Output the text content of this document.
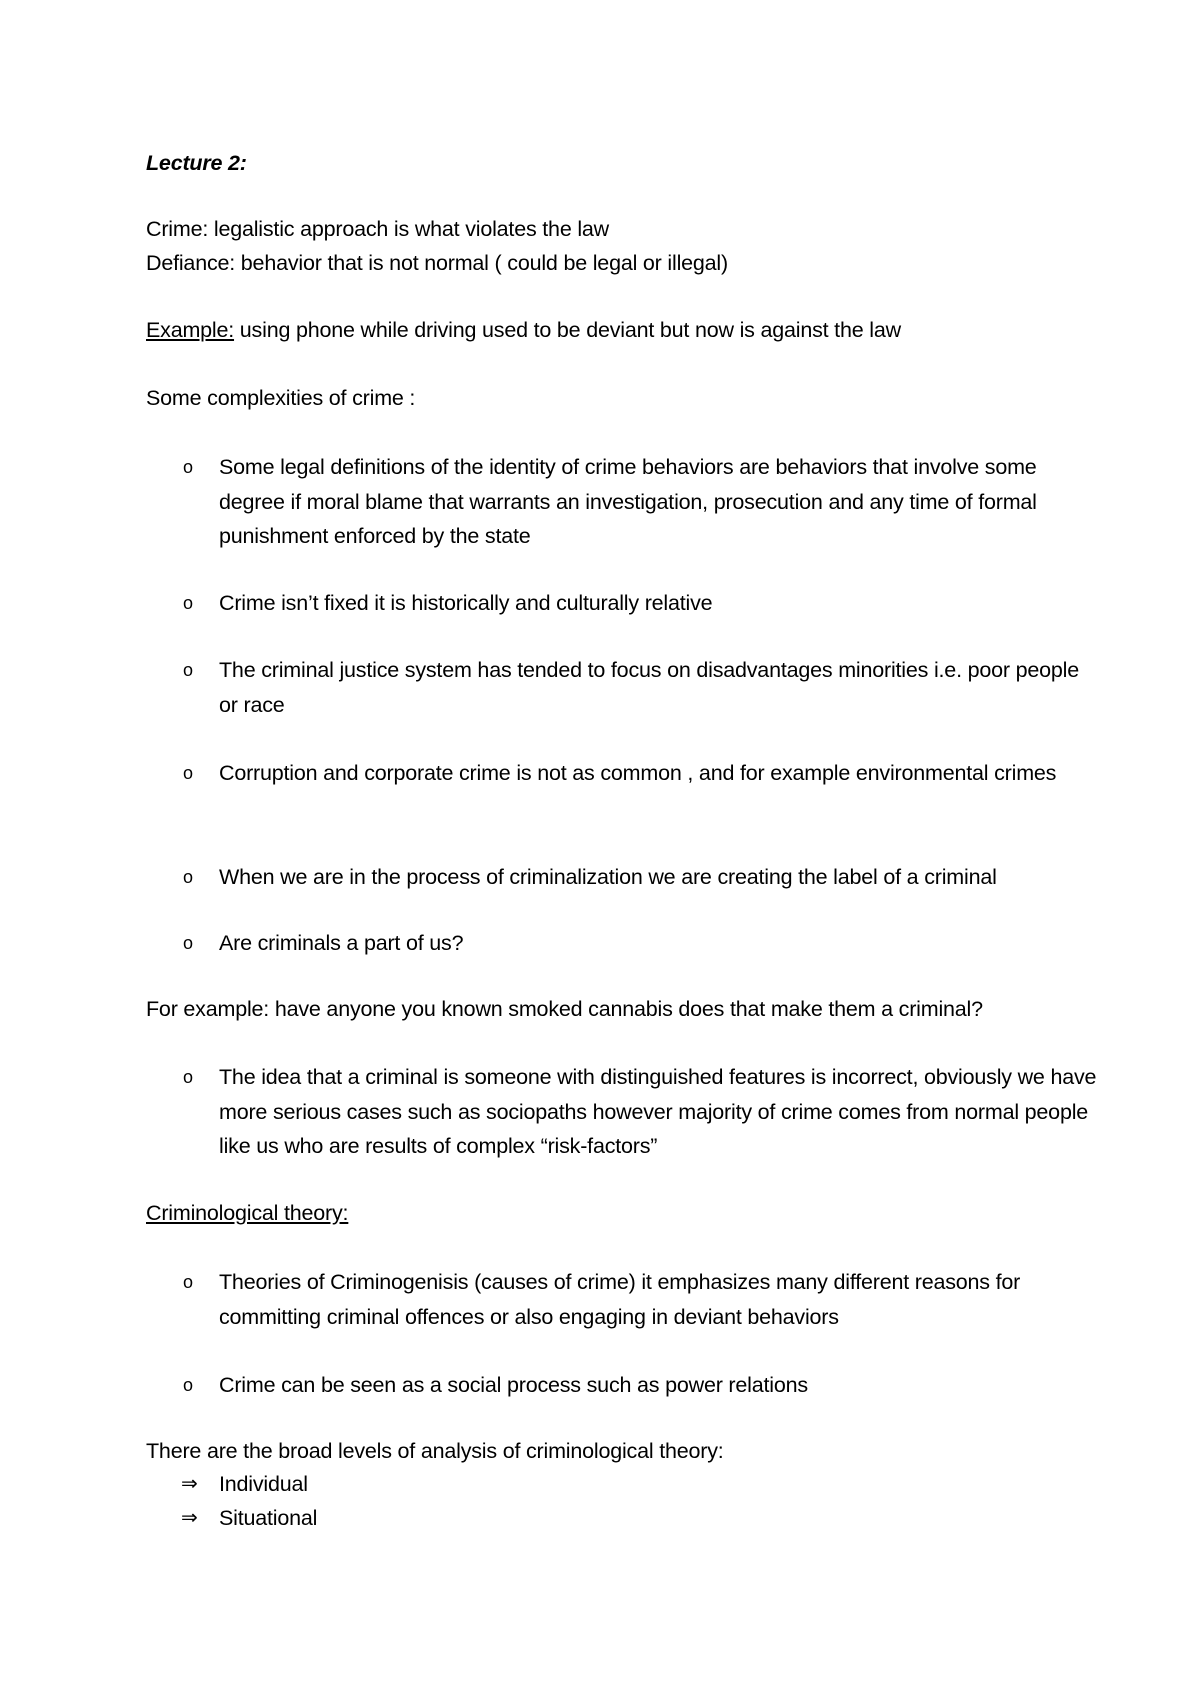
Lecture 2:
Crime: legalistic approach is what violates the law
Defiance: behavior that is not normal ( could be legal or illegal)
Example: using phone while driving used to be deviant but now is against the law
Some complexities of crime :
o Some legal definitions of the identity of crime behaviors are behaviors that involve some degree if moral blame that warrants an investigation, prosecution and any time of formal punishment enforced by the state
o Crime isn’t fixed it is historically and culturally relative
o The criminal justice system has tended to focus on disadvantages minorities i.e. poor people or race
o Corruption and corporate crime is not as common , and for example environmental crimes
o When we are in the process of criminalization we are creating the label of a criminal
o Are criminals a part of us?
For example: have anyone you known smoked cannabis does that make them a criminal?
o The idea that a criminal is someone with distinguished features is incorrect, obviously we have more serious cases such as sociopaths however majority of crime comes from normal people like us who are results of complex “risk-factors”
Criminological theory:
o Theories of Criminogenisis (causes of crime) it emphasizes many different reasons for committing criminal offences or also engaging in deviant behaviors
o Crime can be seen as a social process such as power relations
There are the broad levels of analysis of criminological theory:
⇒ Individual
⇒ Situational
